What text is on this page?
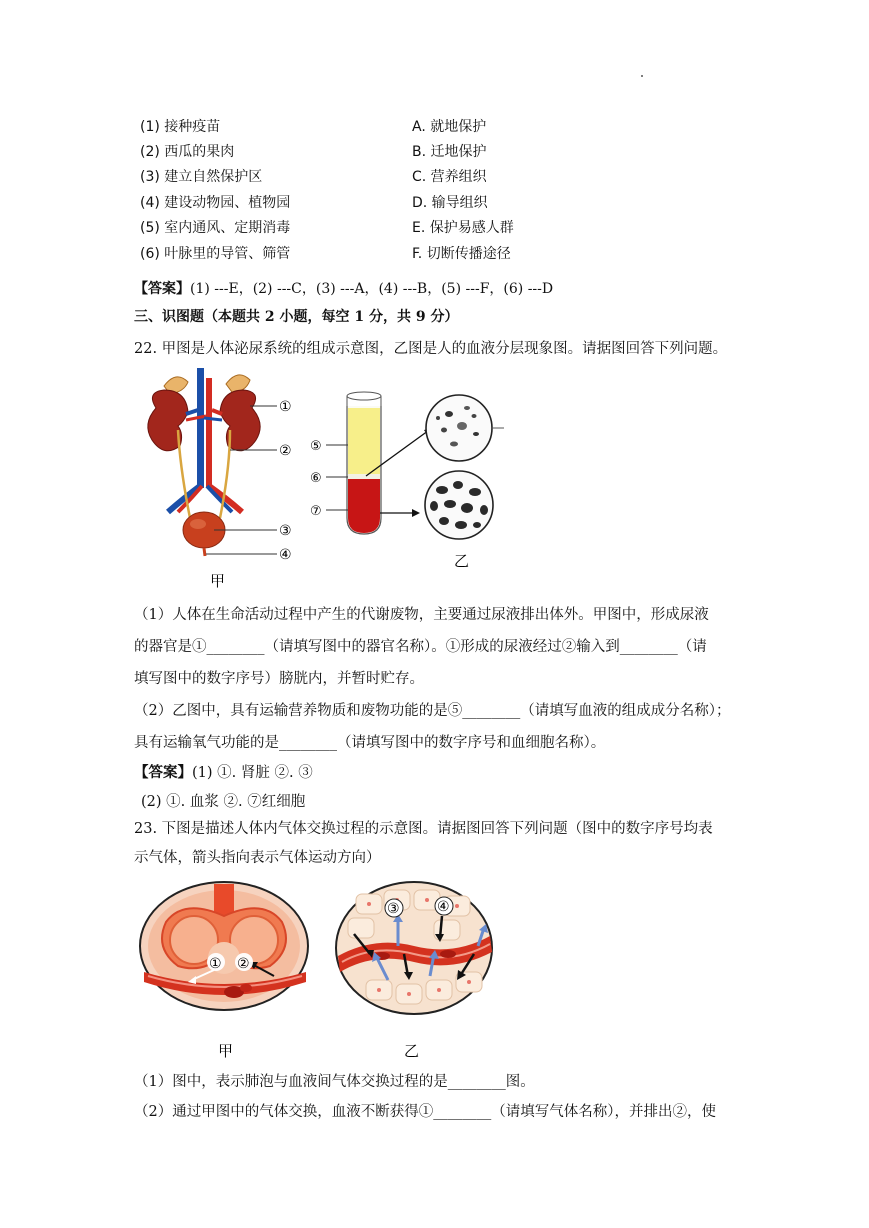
(1) 接种疫苗
(2) 西瓜的果肉
(3) 建立自然保护区
(4) 建设动物园、植物园
(5) 室内通风、定期消毒
(6) 叶脉里的导管、筛管
A. 就地保护
B. 迁地保护
C. 营养组织
D. 输导组织
E. 保护易感人群
F. 切断传播途径
【答案】(1) ---E，(2) ---C，(3) ---A，(4) ---B，(5) ---F，(6) ---D
三、识图题（本题共 2 小题，每空 1 分，共 9 分）
22. 甲图是人体泌尿系统的组成示意图，乙图是人的血液分层现象图。请据图回答下列问题。
①
②
③
④
甲
⑤
⑥
⑦
乙
（1）人体在生命活动过程中产生的代谢废物，主要通过尿液排出体外。甲图中，形成尿液
的器官是①________（请填写图中的器官名称）。①形成的尿液经过②输入到________（请
填写图中的数字序号）膀胱内，并暂时贮存。
（2）乙图中，具有运输营养物质和废物功能的是⑤________（请填写血液的组成成分名称）；
具有运输氧气功能的是________（请填写图中的数字序号和血细胞名称）。
【答案】(1) ①. 肾脏 ②. ③
(2) ①. 血浆 ②. ⑦红细胞
23. 下图是描述人体内气体交换过程的示意图。请据图回答下列问题（图中的数字序号均表
示气体，箭头指向表示气体运动方向）
① ②
甲
③	④
乙
（1）图中，表示肺泡与血液间气体交换过程的是________图。
（2）通过甲图中的气体交换，血液不断获得①________（请填写气体名称），并排出②，使
